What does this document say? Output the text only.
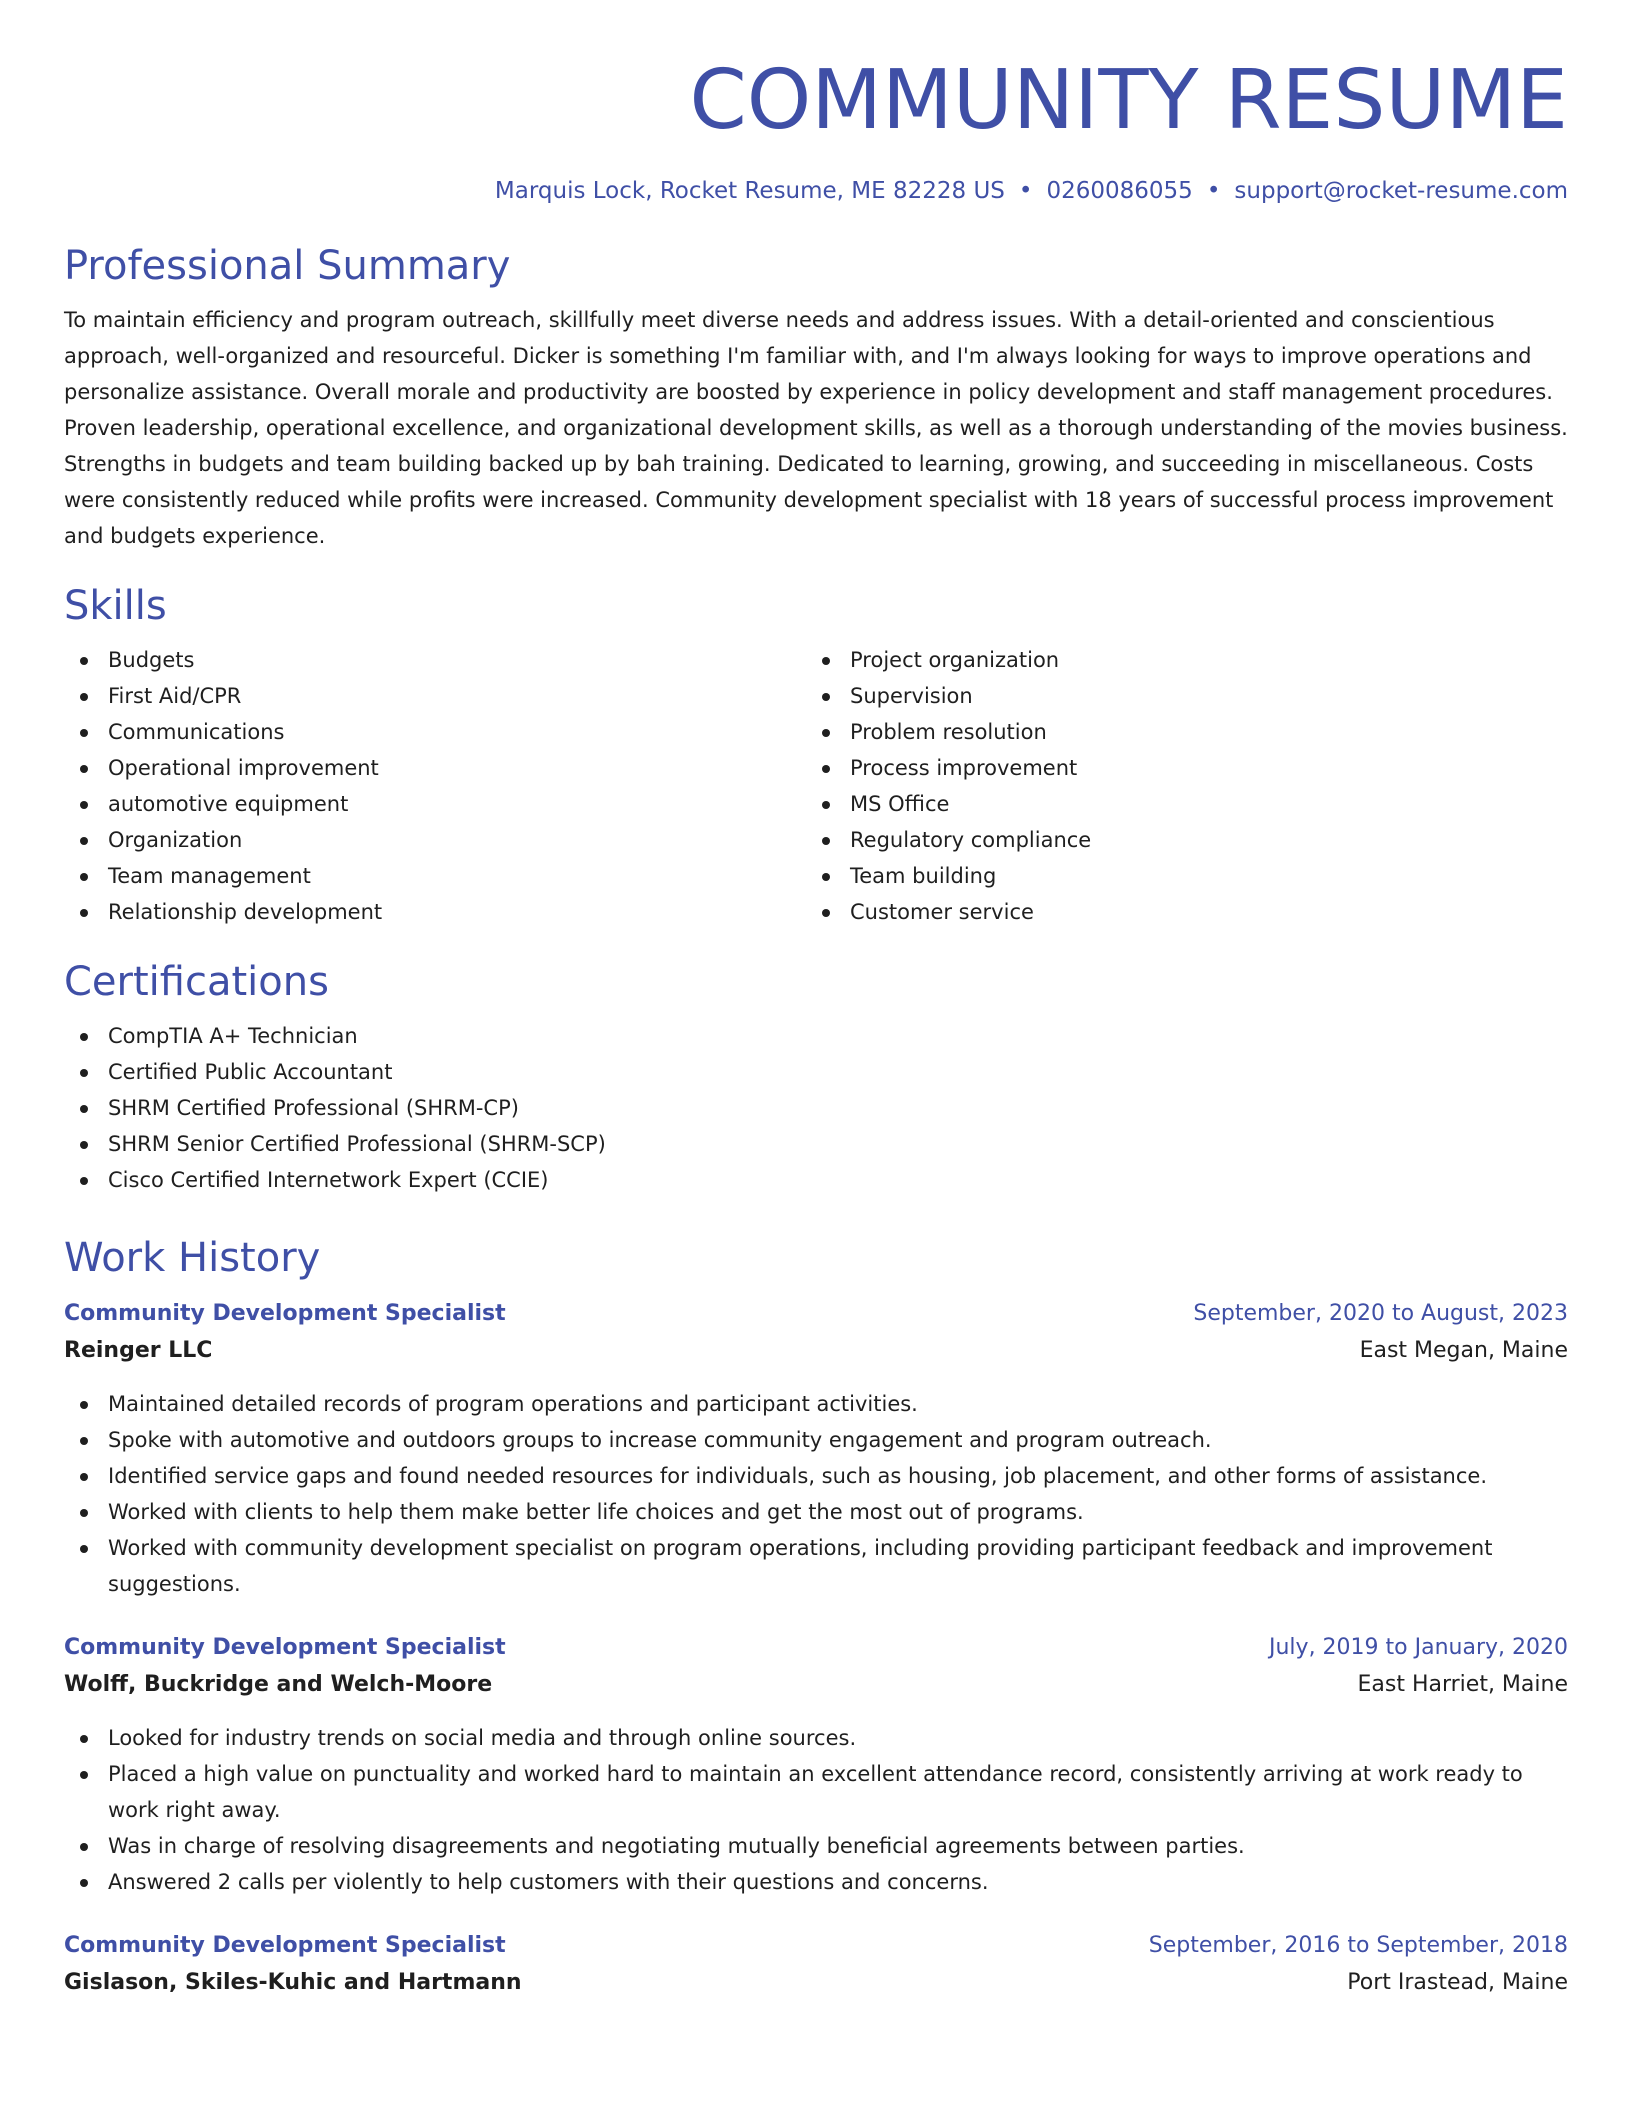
COMMUNITY RESUME
Marquis Lock, Rocket Resume, ME 82228 US • 0260086055 • support@rocket-resume.com
Professional Summary

To maintain efficiency and program outreach, skillfully meet diverse needs and address issues. With a detail-oriented and conscientious approach, well-organized and resourceful. Dicker is something I'm familiar with, and I'm always looking for ways to improve operations and personalize assistance. Overall morale and productivity are boosted by experience in policy development and staff management procedures. Proven leadership, operational excellence, and organizational development skills, as well as a thorough understanding of the movies business. Strengths in budgets and team building backed up by bah training. Dedicated to learning, growing, and succeeding in miscellaneous. Costs were consistently reduced while profits were increased. Community development specialist with 18 years of successful process improvement and budgets experience.

Skills
Budgets
First Aid/CPR
Communications
Operational improvement
automotive equipment
Organization
Team management
Relationship development
Project organization
Supervision
Problem resolution
Process improvement
MS Office
Regulatory compliance
Team building
Customer service
Certifications
CompTIA A+ Technician
Certified Public Accountant
SHRM Certified Professional (SHRM-CP)
SHRM Senior Certified Professional (SHRM-SCP)
Cisco Certified Internetwork Expert (CCIE)
Work History
Community Development Specialist	September, 2020 to August, 2023
Reinger LLC	East Megan, Maine
Maintained detailed records of program operations and participant activities.
Spoke with automotive and outdoors groups to increase community engagement and program outreach.
Identified service gaps and found needed resources for individuals, such as housing, job placement, and other forms of assistance.
Worked with clients to help them make better life choices and get the most out of programs.
Worked with community development specialist on program operations, including providing participant feedback and improvement suggestions.
Community Development Specialist	July, 2019 to January, 2020
Wolff, Buckridge and Welch-Moore	East Harriet, Maine
Looked for industry trends on social media and through online sources.
Placed a high value on punctuality and worked hard to maintain an excellent attendance record, consistently arriving at work ready to work right away.
Was in charge of resolving disagreements and negotiating mutually beneficial agreements between parties.
Answered 2 calls per violently to help customers with their questions and concerns.
Community Development Specialist	September, 2016 to September, 2018
Gislason, Skiles-Kuhic and Hartmann	Port Irastead, Maine
